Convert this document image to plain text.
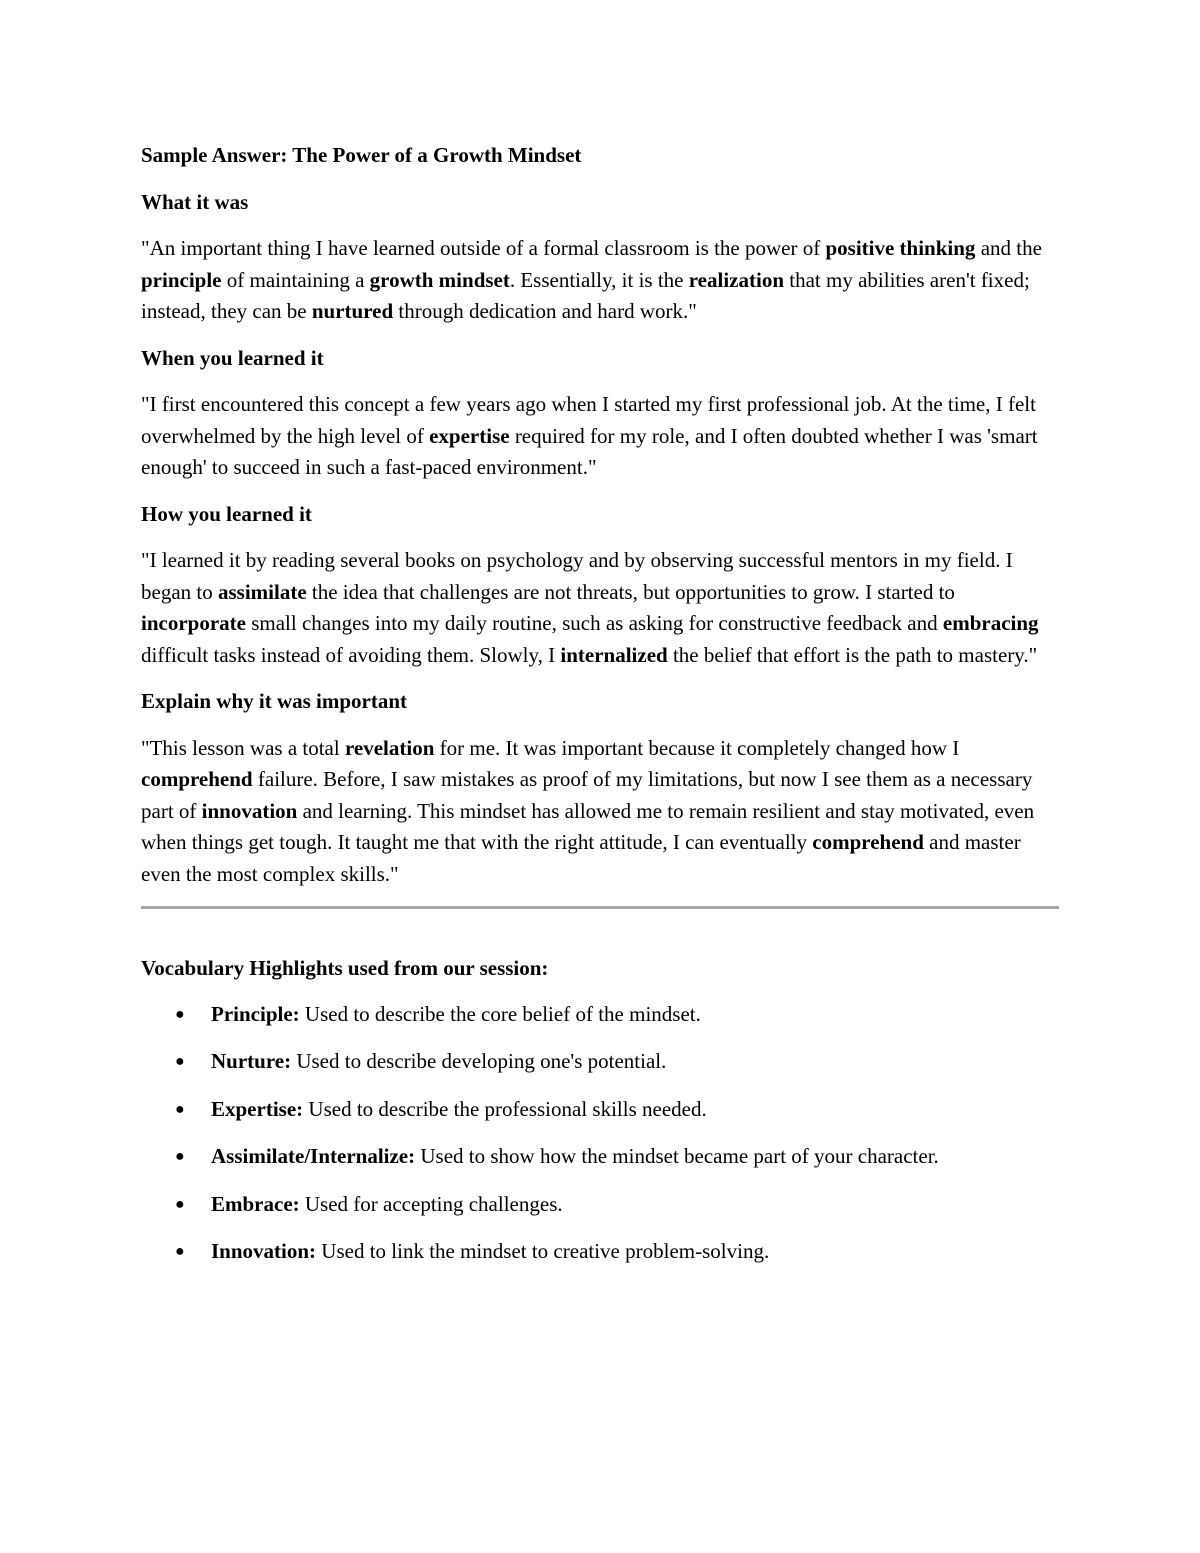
Sample Answer: The Power of a Growth Mindset

What it was

"An important thing I have learned outside of a formal classroom is the power of positive thinking and the principle of maintaining a growth mindset. Essentially, it is the realization that my abilities aren't fixed; instead, they can be nurtured through dedication and hard work."

When you learned it

"I first encountered this concept a few years ago when I started my first professional job. At the time, I felt overwhelmed by the high level of expertise required for my role, and I often doubted whether I was 'smart enough' to succeed in such a fast-paced environment."

How you learned it

"I learned it by reading several books on psychology and by observing successful mentors in my field. I began to assimilate the idea that challenges are not threats, but opportunities to grow. I started to incorporate small changes into my daily routine, such as asking for constructive feedback and embracing difficult tasks instead of avoiding them. Slowly, I internalized the belief that effort is the path to mastery."

Explain why it was important

"This lesson was a total revelation for me. It was important because it completely changed how I comprehend failure. Before, I saw mistakes as proof of my limitations, but now I see them as a necessary part of innovation and learning. This mindset has allowed me to remain resilient and stay motivated, even when things get tough. It taught me that with the right attitude, I can eventually comprehend and master even the most complex skills."

Vocabulary Highlights used from our session:

● Principle: Used to describe the core belief of the mindset.
● Nurture: Used to describe developing one's potential.
● Expertise: Used to describe the professional skills needed.
● Assimilate/Internalize: Used to show how the mindset became part of your character.
● Embrace: Used for accepting challenges.
● Innovation: Used to link the mindset to creative problem-solving.
